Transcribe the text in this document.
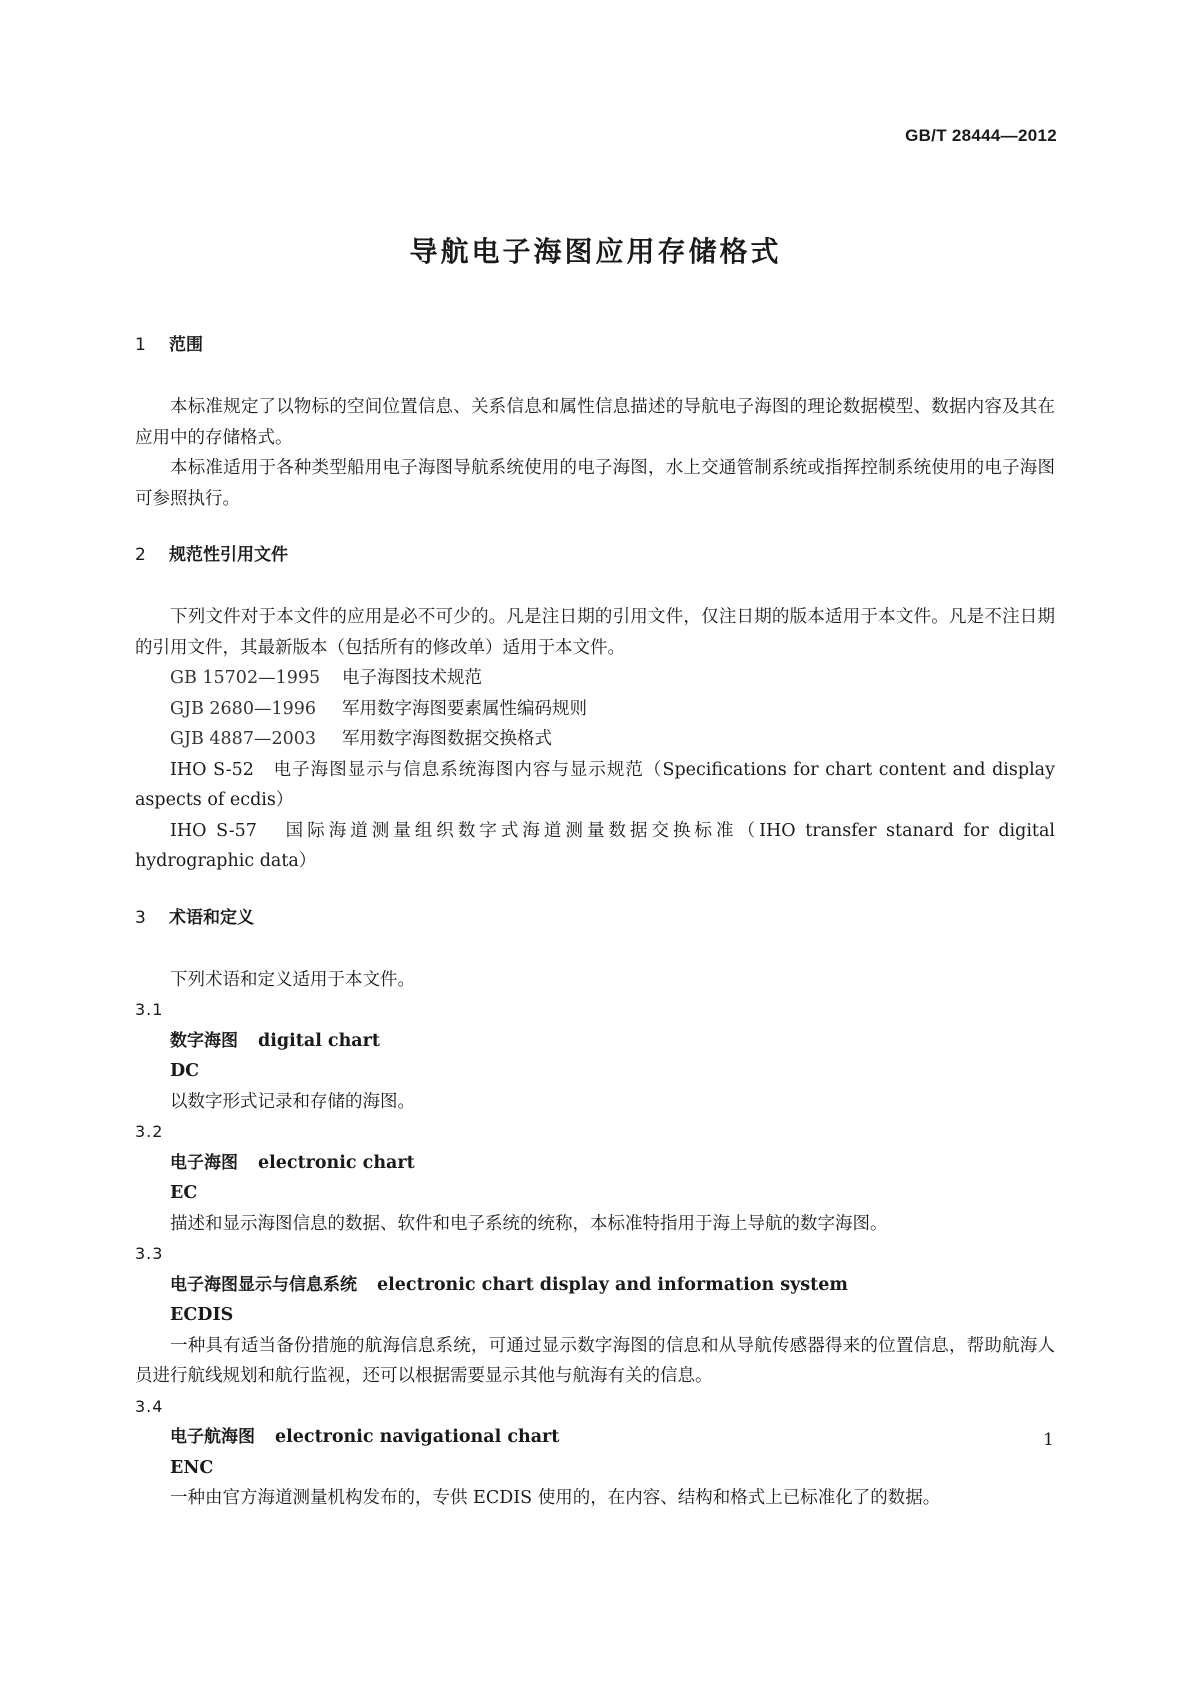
GB/T 28444—2012
导航电子海图应用存储格式
1 范围

本标准规定了以物标的空间位置信息、关系信息和属性信息描述的导航电子海图的理论数据模型、数据内容及其在应用中的存储格式。

本标准适用于各种类型船用电子海图导航系统使用的电子海图，水上交通管制系统或指挥控制系统使用的电子海图可参照执行。

2 规范性引用文件

下列文件对于本文件的应用是必不可少的。凡是注日期的引用文件，仅注日期的版本适用于本文件。凡是不注日期的引用文件，其最新版本（包括所有的修改单）适用于本文件。

GB 15702—1995 电子海图技术规范
GJB 2680—1996 军用数字海图要素属性编码规则
GJB 4887—2003 军用数字海图数据交换格式

IHO S-52 电子海图显示与信息系统海图内容与显示规范（Specifications for chart content and display aspects of ecdis）

IHO S-57 国际海道测量组织数字式海道测量数据交换标准（IHO transfer stanard for digital hydrographic data）

3 术语和定义

下列术语和定义适用于本文件。

3.1
数字海图 digital chart
DC

以数字形式记录和存储的海图。

3.2
电子海图 electronic chart
EC

描述和显示海图信息的数据、软件和电子系统的统称，本标准特指用于海上导航的数字海图。

3.3
电子海图显示与信息系统 electronic chart display and information system
ECDIS

一种具有适当备份措施的航海信息系统，可通过显示数字海图的信息和从导航传感器得来的位置信息，帮助航海人员进行航线规划和航行监视，还可以根据需要显示其他与航海有关的信息。

3.4
电子航海图 electronic navigational chart
ENC

一种由官方海道测量机构发布的，专供 ECDIS 使用的，在内容、结构和格式上已标准化了的数据。

1
